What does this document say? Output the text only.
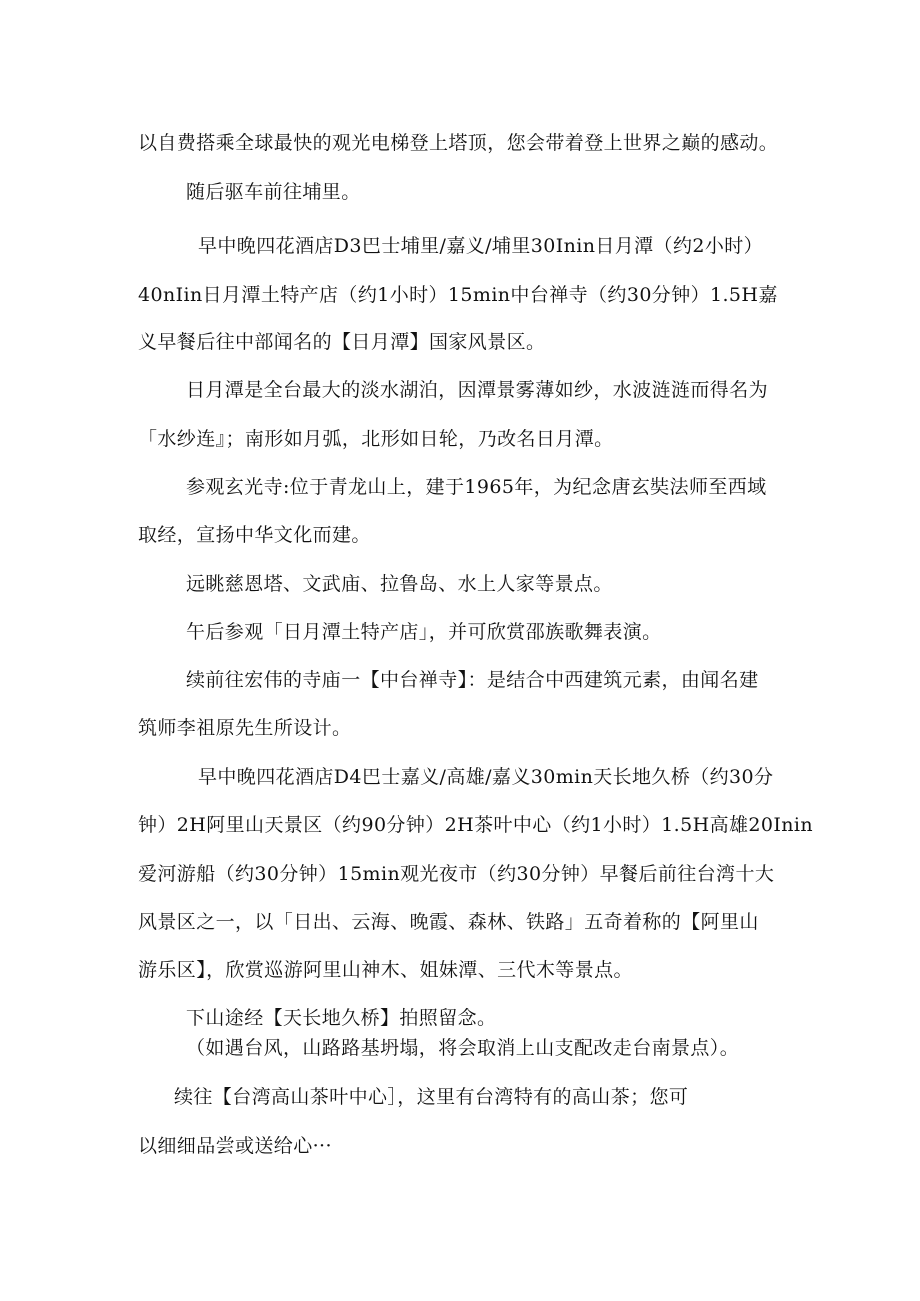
以自费搭乘全球最快的观光电梯登上塔顶，您会带着登上世界之巅的感动。
随后驱车前往埔里。
早中晚四花酒店D3巴士埔里/嘉义/埔里30Inin日月潭（约2小时）
40nIin日月潭土特产店（约1小时）15min中台禅寺（约30分钟）1.5H嘉
义早餐后往中部闻名的【日月潭】国家风景区。
日月潭是全台最大的淡水湖泊，因潭景雾薄如纱，水波涟涟而得名为
「水纱连』；南形如月弧，北形如日轮，乃改名日月潭。
参观玄光寺:位于青龙山上，建于1965年，为纪念唐玄奘法师至西域
取经，宣扬中华文化而建。
远眺慈恩塔、文武庙、拉鲁岛、水上人家等景点。
午后参观「日月潭土特产店」，并可欣赏邵族歌舞表演。
续前往宏伟的寺庙一【中台禅寺】：是结合中西建筑元素，由闻名建
筑师李祖原先生所设计。
早中晚四花酒店D4巴士嘉义/高雄/嘉义30min天长地久桥（约30分
钟）2H阿里山天景区（约90分钟）2H茶叶中心（约1小时）1.5H高雄20Inin
爱河游船（约30分钟）15min观光夜市（约30分钟）早餐后前往台湾十大
风景区之一，以「日出、云海、晚霞、森林、铁路」五奇着称的【阿里山
游乐区】，欣赏巡游阿里山神木、姐妹潭、三代木等景点。
下山途经【天长地久桥】拍照留念。
（如遇台风，山路路基坍塌，将会取消上山支配改走台南景点）。
续往【台湾高山茶叶中心］，这里有台湾特有的高山茶；您可
以细细品尝或送给心···
